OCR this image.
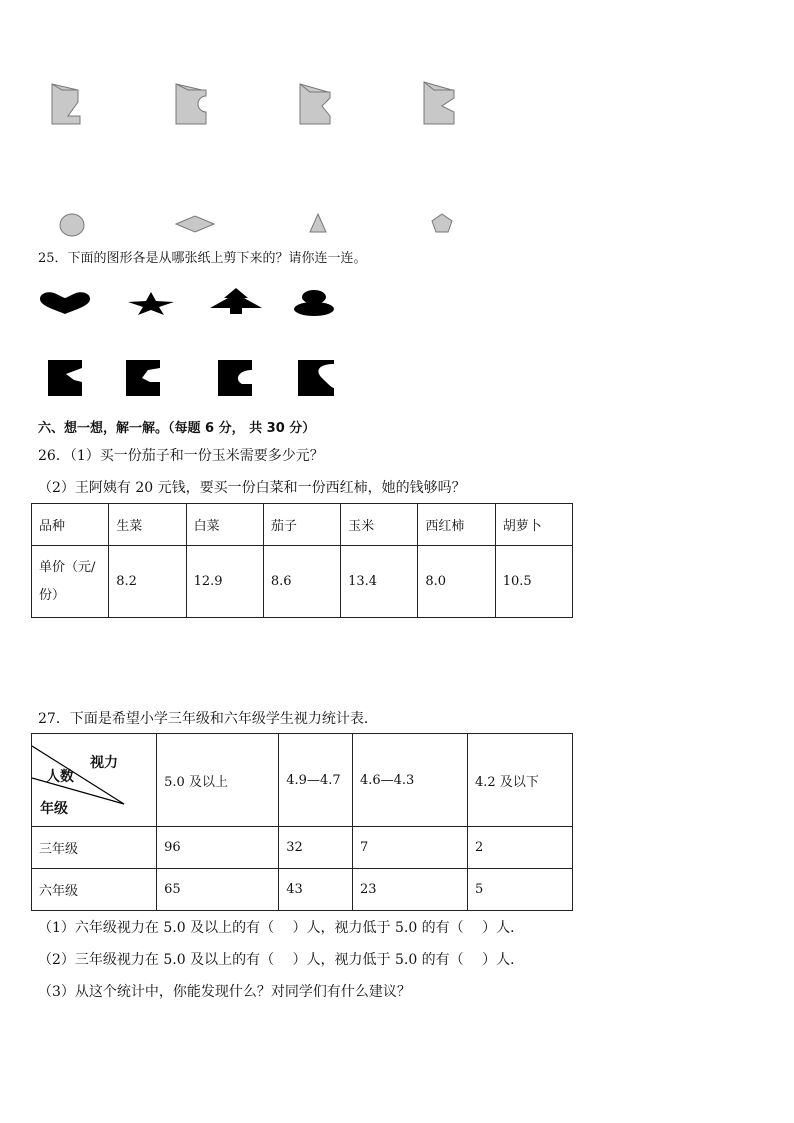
25．下面的图形各是从哪张纸上剪下来的？请你连一连。
六、想一想，解一解。（每题 6 分， 共 30 分）
26．（1）买一份茄子和一份玉米需要多少元？
（2）王阿姨有 20 元钱，要买一份白菜和一份西红柿，她的钱够吗？
品种	生菜	白菜	茄子	玉米	西红柿	胡萝卜

单价（元/
份）	8.2	12.9	8.6	13.4	8.0	10.5
27．下面是希望小学三年级和六年级学生视力统计表．
视力
人数
年级	5.0 及以上	4.9—4.7	4.6—4.3	4.2 及以下
三年级	96	32	7	2
六年级	65	43	23	5
（1）六年级视力在 5.0 及以上的有（　 ）人，视力低于 5.0 的有（　 ）人．
（2）三年级视力在 5.0 及以上的有（　 ）人，视力低于 5.0 的有（　 ）人．
（3）从这个统计中，你能发现什么？对同学们有什么建议？
